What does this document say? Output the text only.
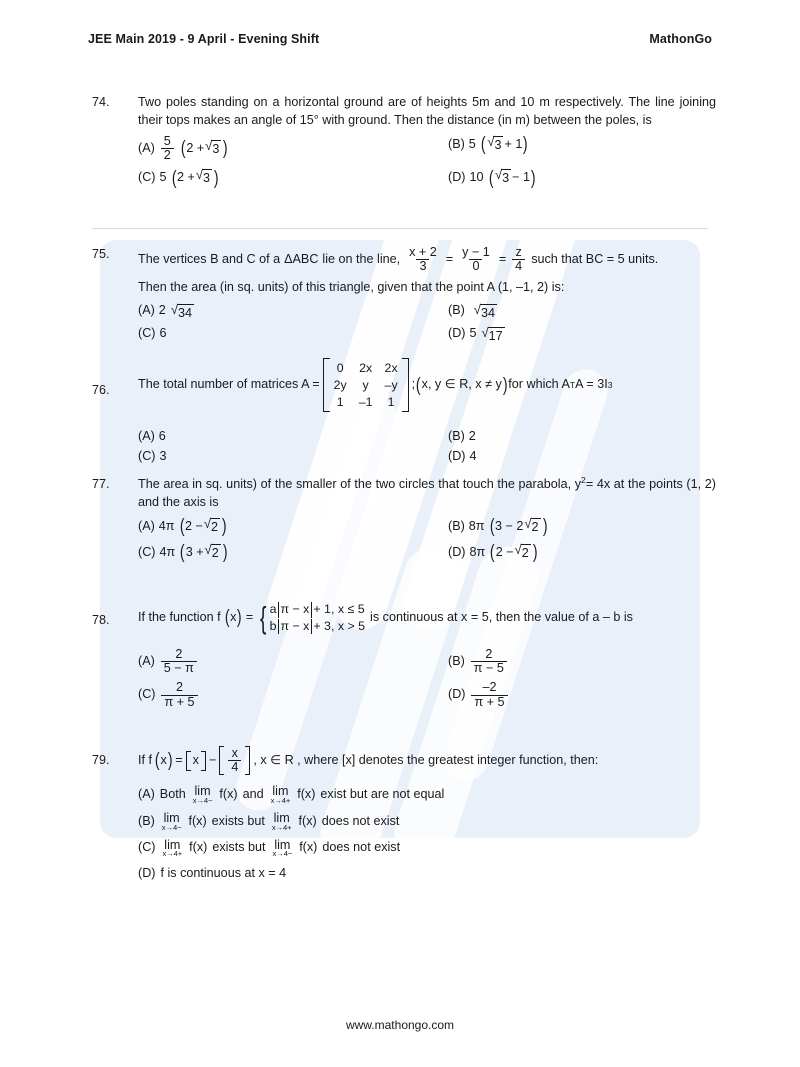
JEE Main 2019 - 9 April - Evening Shift	MathonGo
74.	Two poles standing on a horizontal ground are of heights 5m and 10 m respectively. The line joining their tops makes an angle of 15° with ground. Then the distance (in m) between the poles, is
$(A) \frac{5}{2}$ ( 2 + √ 3 )	(B) 5 ( √ 3 + 1 )
(C) 5 ( 2 + √ 3 )	(D) 10 ( √ 3 − 1 )
75.	The vertices B and C of a ΔABC lie on the line, $\frac{x + 2}{3} = \frac{y - 1}{0} = \frac{z}{4}$ such that BC = 5 units.
Then the area (in sq. units) of this triangle, given that the point A (1, –1, 2) is:
(A) 2 √ 34	(B) √ 34
(C) 6	(D) 5 √ 17
76.	The total number of matrices A =
0 2x 2x
2y	y	–y
1 –1 1
; ( x, y ∈ R, x ≠ y ) for which A T A = 3I 3
(A) 6	(B) 2
(C) 3	(D) 4
77.	The area in sq. units) of the smaller of the two circles that touch the parabola, $y^2= 4x$ at the points (1, 2) and the axis is
(A) 4π ( 2 − √ 2 )	(B) 8π ( 3 − 2 √ 2 )
(C) 4π ( 3 + √ 2 )	(D) 8π ( 2 − √ 2 )
78.	If the function f ( x ) = { a π − x + 1, x ≤ 5
b π − x + 3, x > 5
is continuous at x = 5, then the value of a – b is
$(A) \frac{2}{5 - \pi}$	$(B) \frac{2}{\pi - 5}$
$(C) \frac{2}{\pi + 5}$	$(D) \frac{-2}{\pi + 5}$
79.	If f ( x ) = $x - \frac{x}{4}$ , x ∈ R , where [x] denotes the greatest integer function, then:
(A) Both lim
x→4− f(x) and lim
x→4+ f(x) exist but are not equal
(B) lim
x→4− f(x) exists but lim
x→4+ f(x) does not exist
(C) lim
x→4+ f(x) exists but lim
x→4− f(x) does not exist
(D) f is continuous at x = 4
www.mathongo.com
